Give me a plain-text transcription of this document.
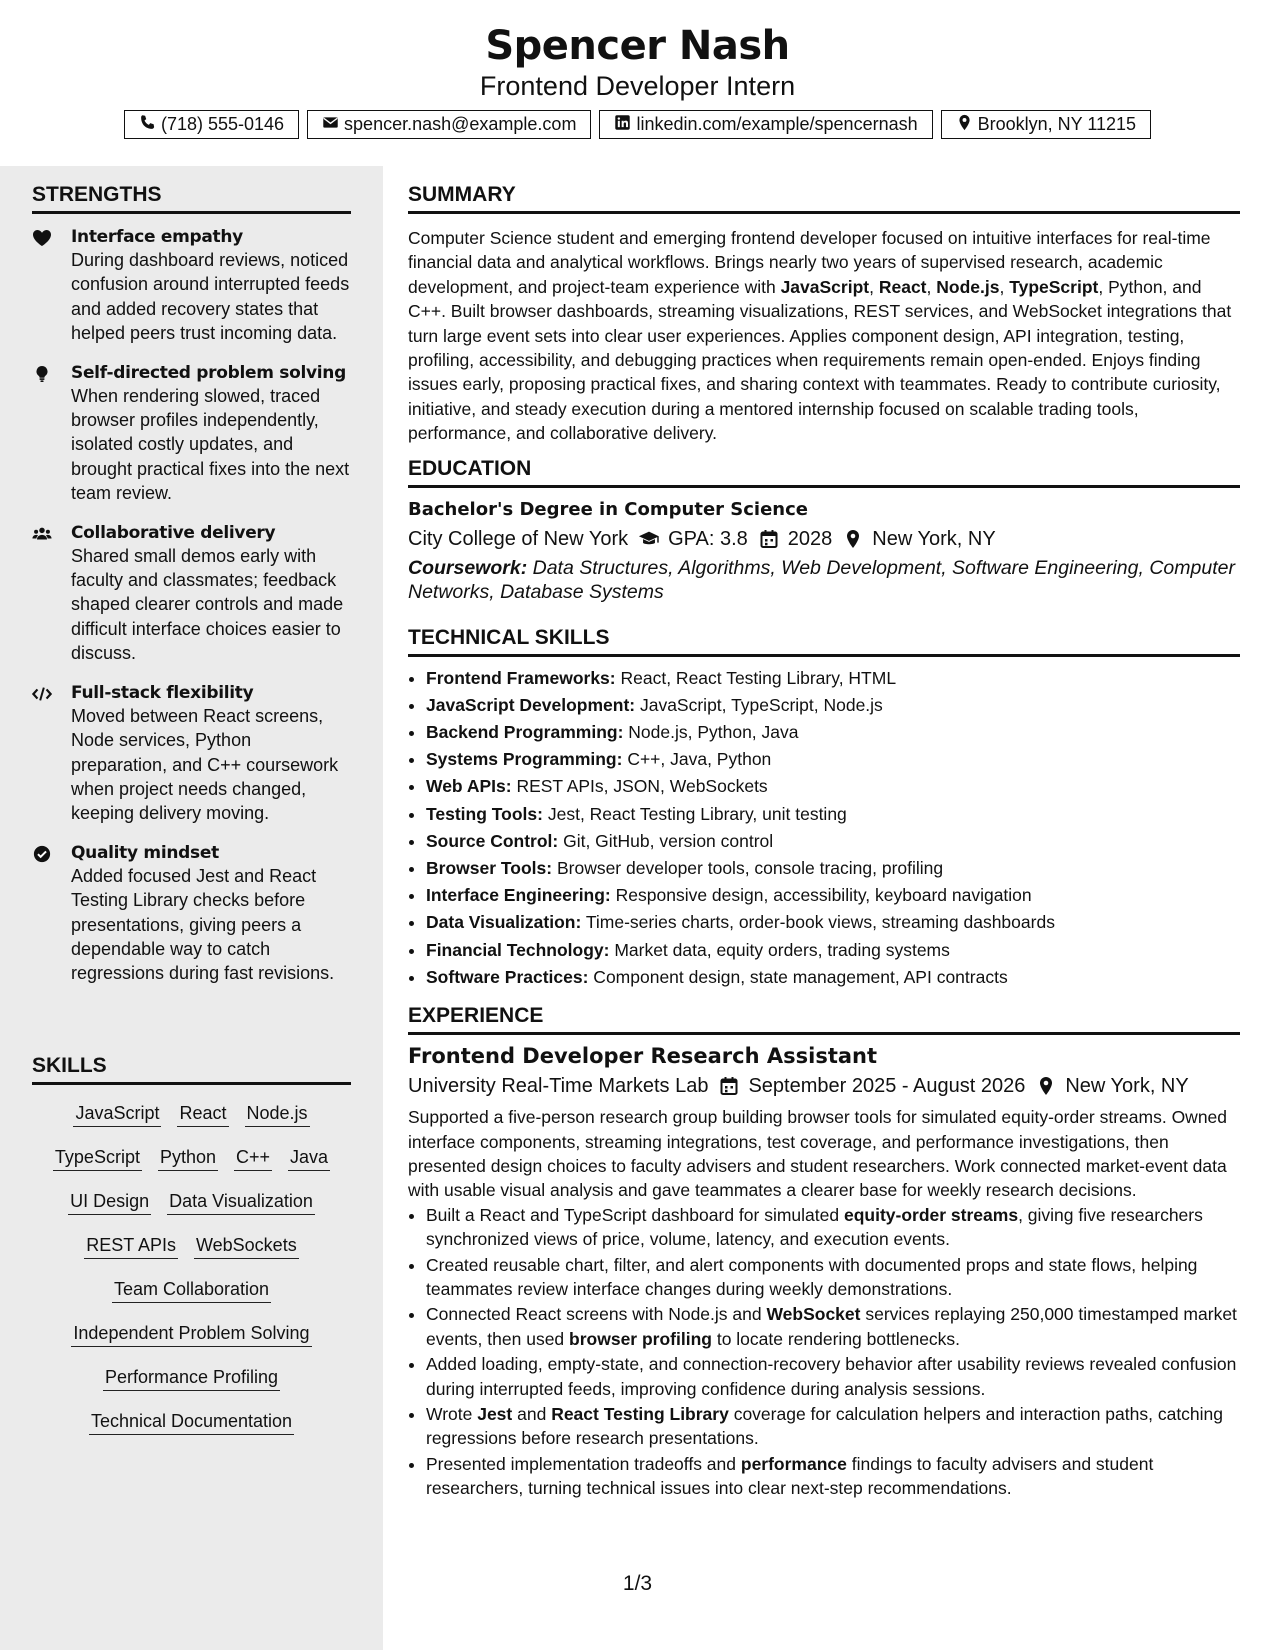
Spencer Nash
Frontend Developer Intern
(718) 555-0146	spencer.nash@example.com	linkedin.com/example/spencernash	Brooklyn, NY 11215
STRENGTHS
Interface empathy
During dashboard reviews, noticed confusion around interrupted feeds and added recovery states that helped peers trust incoming data.
Self-directed problem solving
When rendering slowed, traced browser profiles independently, isolated costly updates, and brought practical fixes into the next team review.
Collaborative delivery
Shared small demos early with faculty and classmates; feedback shaped clearer controls and made difficult interface choices easier to discuss.
Full-stack flexibility
Moved between React screens, Node services, Python preparation, and C++ coursework when project needs changed, keeping delivery moving.
Quality mindset
Added focused Jest and React Testing Library checks before presentations, giving peers a dependable way to catch regressions during fast revisions.
SKILLS
JavaScript React Node.js
TypeScript Python C++ Java
UI Design Data Visualization
REST APIs WebSockets
Team Collaboration
Independent Problem Solving
Performance Profiling
Technical Documentation
SUMMARY

Computer Science student and emerging frontend developer focused on intuitive interfaces for real-time financial data and analytical workflows. Brings nearly two years of supervised research, academic development, and project-team experience with JavaScript, React, Node.js, TypeScript, Python, and C++. Built browser dashboards, streaming visualizations, REST services, and WebSocket integrations that turn large event sets into clear user experiences. Applies component design, API integration, testing, profiling, accessibility, and debugging practices when requirements remain open-ended. Enjoys finding issues early, proposing practical fixes, and sharing context with teammates. Ready to contribute curiosity, initiative, and steady execution during a mentored internship focused on scalable trading tools, performance, and collaborative delivery.

EDUCATION
Bachelor's Degree in Computer Science
City College of New York GPA: 3.8 2028 New York, NY
Coursework: Data Structures, Algorithms, Web Development, Software Engineering, Computer Networks, Database Systems
TECHNICAL SKILLS
• Frontend Frameworks: React, React Testing Library, HTML
• JavaScript Development: JavaScript, TypeScript, Node.js
• Backend Programming: Node.js, Python, Java
• Systems Programming: C++, Java, Python
• Web APIs: REST APIs, JSON, WebSockets
• Testing Tools: Jest, React Testing Library, unit testing
• Source Control: Git, GitHub, version control
• Browser Tools: Browser developer tools, console tracing, profiling
• Interface Engineering: Responsive design, accessibility, keyboard navigation
• Data Visualization: Time-series charts, order-book views, streaming dashboards
• Financial Technology: Market data, equity orders, trading systems
• Software Practices: Component design, state management, API contracts
EXPERIENCE
Frontend Developer Research Assistant
University Real-Time Markets Lab September 2025 - August 2026 New York, NY

Supported a five-person research group building browser tools for simulated equity-order streams. Owned interface components, streaming integrations, test coverage, and performance investigations, then presented design choices to faculty advisers and student researchers. Work connected market-event data with usable visual analysis and gave teammates a clearer base for weekly research decisions.

• Built a React and TypeScript dashboard for simulated equity-order streams, giving five researchers synchronized views of price, volume, latency, and execution events.
• Created reusable chart, filter, and alert components with documented props and state flows, helping teammates review interface changes during weekly demonstrations.
• Connected React screens with Node.js and WebSocket services replaying 250,000 timestamped market events, then used browser profiling to locate rendering bottlenecks.
• Added loading, empty-state, and connection-recovery behavior after usability reviews revealed confusion during interrupted feeds, improving confidence during analysis sessions.
• Wrote Jest and React Testing Library coverage for calculation helpers and interaction paths, catching regressions before research presentations.
• Presented implementation tradeoffs and performance findings to faculty advisers and student researchers, turning technical issues into clear next-step recommendations.
1/3
